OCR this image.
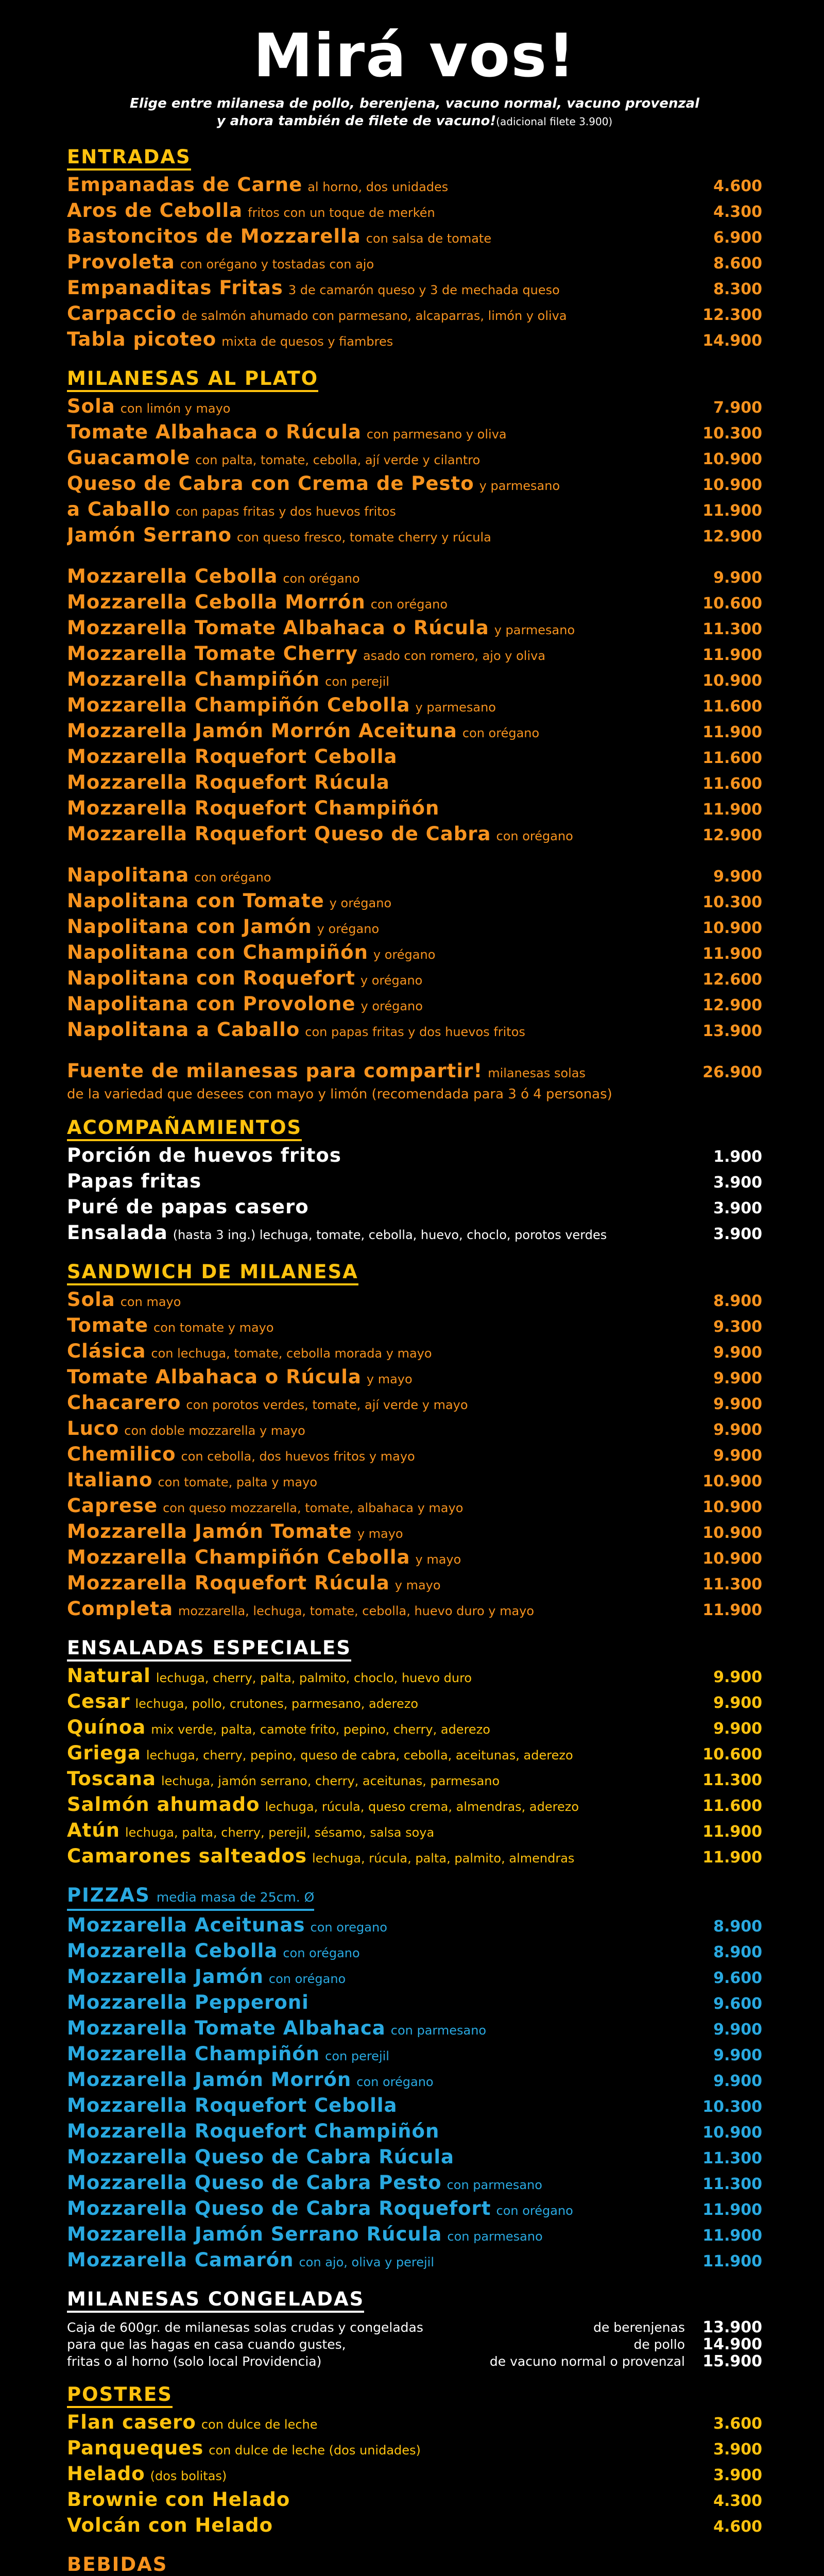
Mirá vos!
Elige entre milanesa de pollo, berenjena, vacuno normal, vacuno provenzal
y ahora también de filete de vacuno!(adicional filete 3.900)
ENTRADAS
Empanadas de Carne al horno, dos unidades	4.600
Aros de Cebolla fritos con un toque de merkén	4.300
Bastoncitos de Mozzarella con salsa de tomate	6.900
Provoleta con orégano y tostadas con ajo	8.600
Empanaditas Fritas 3 de camarón queso y 3 de mechada queso	8.300
Carpaccio de salmón ahumado con parmesano, alcaparras, limón y oliva	12.300
Tabla picoteo mixta de quesos y fiambres	14.900
MILANESAS AL PLATO
Sola con limón y mayo	7.900
Tomate Albahaca o Rúcula con parmesano y oliva	10.300
Guacamole con palta, tomate, cebolla, ají verde y cilantro	10.900
Queso de Cabra con Crema de Pesto y parmesano	10.900
a Caballo con papas fritas y dos huevos fritos	11.900
Jamón Serrano con queso fresco, tomate cherry y rúcula	12.900
Mozzarella Cebolla con orégano	9.900
Mozzarella Cebolla Morrón con orégano	10.600
Mozzarella Tomate Albahaca o Rúcula y parmesano	11.300
Mozzarella Tomate Cherry asado con romero, ajo y oliva	11.900
Mozzarella Champiñón con perejil	10.900
Mozzarella Champiñón Cebolla y parmesano	11.600
Mozzarella Jamón Morrón Aceituna con orégano	11.900
Mozzarella Roquefort Cebolla	11.600
Mozzarella Roquefort Rúcula	11.600
Mozzarella Roquefort Champiñón	11.900
Mozzarella Roquefort Queso de Cabra con orégano	12.900
Napolitana con orégano	9.900
Napolitana con Tomate y orégano	10.300
Napolitana con Jamón y orégano	10.900
Napolitana con Champiñón y orégano	11.900
Napolitana con Roquefort y orégano	12.600
Napolitana con Provolone y orégano	12.900
Napolitana a Caballo con papas fritas y dos huevos fritos	13.900
Fuente de milanesas para compartir! milanesas solas	26.900
de la variedad que desees con mayo y limón (recomendada para 3 ó 4 personas)
ACOMPAÑAMIENTOS
Porción de huevos fritos	1.900
Papas fritas	3.900
Puré de papas casero	3.900
Ensalada (hasta 3 ing.) lechuga, tomate, cebolla, huevo, choclo, porotos verdes	3.900
SANDWICH DE MILANESA
Sola con mayo	8.900
Tomate con tomate y mayo	9.300
Clásica con lechuga, tomate, cebolla morada y mayo	9.900
Tomate Albahaca o Rúcula y mayo	9.900
Chacarero con porotos verdes, tomate, ají verde y mayo	9.900
Luco con doble mozzarella y mayo	9.900
Chemilico con cebolla, dos huevos fritos y mayo	9.900
Italiano con tomate, palta y mayo	10.900
Caprese con queso mozzarella, tomate, albahaca y mayo	10.900
Mozzarella Jamón Tomate y mayo	10.900
Mozzarella Champiñón Cebolla y mayo	10.900
Mozzarella Roquefort Rúcula y mayo	11.300
Completa mozzarella, lechuga, tomate, cebolla, huevo duro y mayo	11.900
ENSALADAS ESPECIALES
Natural lechuga, cherry, palta, palmito, choclo, huevo duro	9.900
Cesar lechuga, pollo, crutones, parmesano, aderezo	9.900
Quínoa mix verde, palta, camote frito, pepino, cherry, aderezo	9.900
Griega lechuga, cherry, pepino, queso de cabra, cebolla, aceitunas, aderezo	10.600
Toscana lechuga, jamón serrano, cherry, aceitunas, parmesano	11.300
Salmón ahumado lechuga, rúcula, queso crema, almendras, aderezo	11.600
Atún lechuga, palta, cherry, perejil, sésamo, salsa soya	11.900
Camarones salteados lechuga, rúcula, palta, palmito, almendras	11.900
PIZZAS media masa de 25cm. Ø
Mozzarella Aceitunas con oregano	8.900
Mozzarella Cebolla con orégano	8.900
Mozzarella Jamón con orégano	9.600
Mozzarella Pepperoni	9.600
Mozzarella Tomate Albahaca con parmesano	9.900
Mozzarella Champiñón con perejil	9.900
Mozzarella Jamón Morrón con orégano	9.900
Mozzarella Roquefort Cebolla	10.300
Mozzarella Roquefort Champiñón	10.900
Mozzarella Queso de Cabra Rúcula	11.300
Mozzarella Queso de Cabra Pesto con parmesano	11.300
Mozzarella Queso de Cabra Roquefort con orégano	11.900
Mozzarella Jamón Serrano Rúcula con parmesano	11.900
Mozzarella Camarón con ajo, oliva y perejil	11.900
MILANESAS CONGELADAS
Caja de 600gr. de milanesas solas crudas y congeladas
para que las hagas en casa cuando gustes,
fritas o al horno (solo local Providencia)
de berenjenas	13.900
de pollo	14.900
de vacuno normal o provenzal	15.900
POSTRES
Flan casero con dulce de leche	3.600
Panqueques con dulce de leche (dos unidades)	3.900
Helado (dos bolitas)	3.900
Brownie con Helado	4.300
Volcán con Helado	4.600
BEBIDAS
